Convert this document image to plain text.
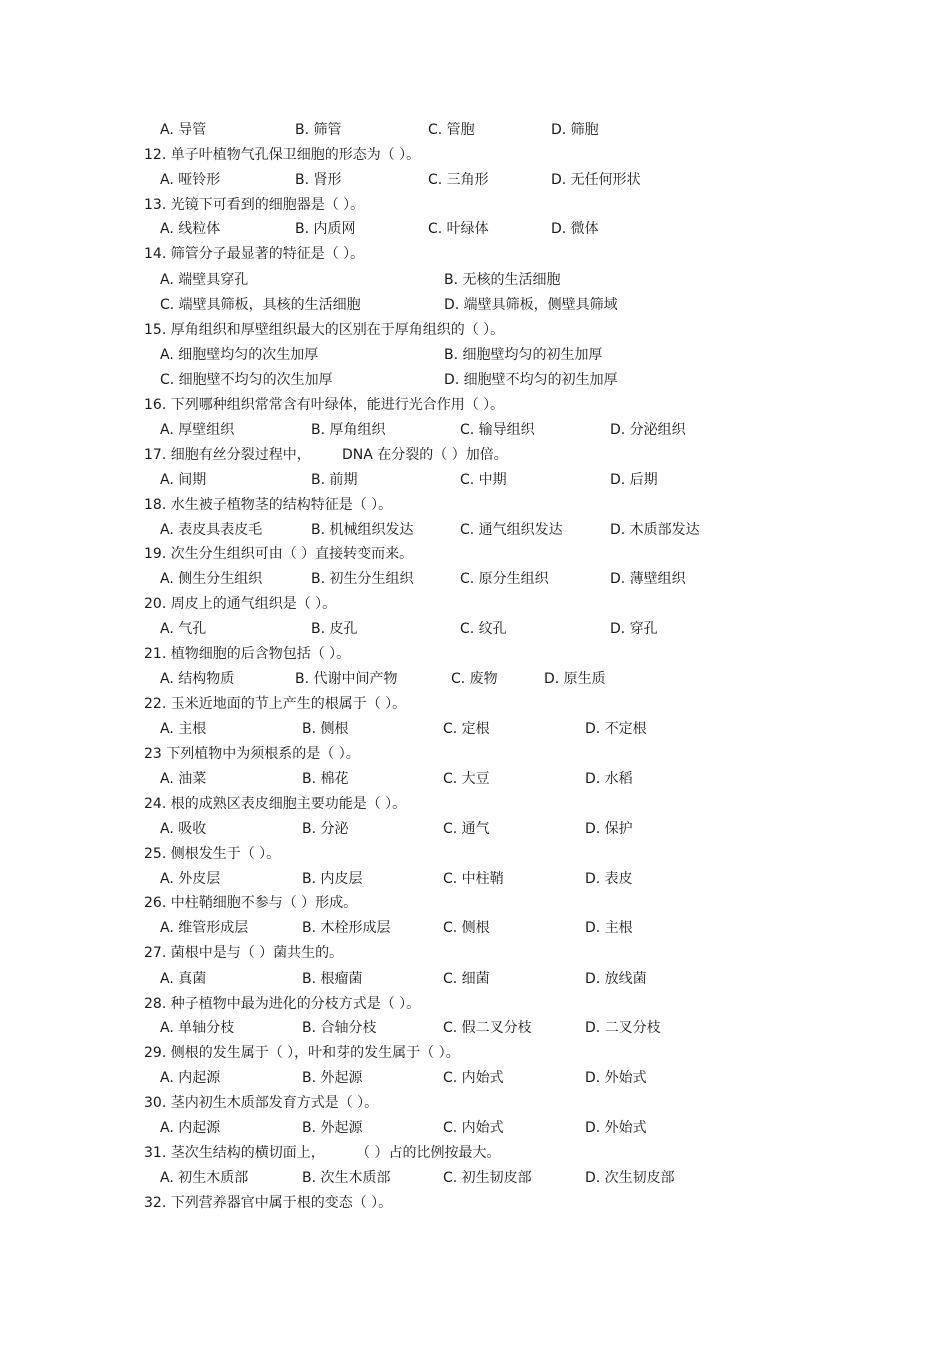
A. 导管	B. 筛管	C. 管胞	D. 筛胞
12. 单子叶植物气孔保卫细胞的形态为（ ）。
A. 哑铃形	B. 肾形	C. 三角形	D. 无任何形状
13. 光镜下可看到的细胞器是（ ）。
A. 线粒体	B. 内质网	C. 叶绿体	D. 微体
14. 筛管分子最显著的特征是（ ）。
A. 端壁具穿孔	B. 无核的生活细胞
C. 端壁具筛板，具核的生活细胞	D. 端壁具筛板，侧壁具筛域
15. 厚角组织和厚壁组织最大的区别在于厚角组织的（ ）。
A. 细胞壁均匀的次生加厚	B. 细胞壁均匀的初生加厚
C. 细胞壁不均匀的次生加厚	D. 细胞壁不均匀的初生加厚
16. 下列哪种组织常常含有叶绿体，能进行光合作用（ ）。
A. 厚壁组织	B. 厚角组织	C. 输导组织	D. 分泌组织
17. 细胞有丝分裂过程中， DNA 在分裂的（ ）加倍。
A. 间期	B. 前期	C. 中期	D. 后期
18. 水生被子植物茎的结构特征是（ ）。
A. 表皮具表皮毛	B. 机械组织发达	C. 通气组织发达	D. 木质部发达
19. 次生分生组织可由（ ）直接转变而来。
A. 侧生分生组织	B. 初生分生组织	C. 原分生组织	D. 薄壁组织
20. 周皮上的通气组织是（ ）。
A. 气孔	B. 皮孔	C. 纹孔	D. 穿孔
21. 植物细胞的后含物包括（ ）。
A. 结构物质	B. 代谢中间产物	C. 废物	D. 原生质
22. 玉米近地面的节上产生的根属于（ ）。
A. 主根	B. 侧根	C. 定根	D. 不定根
23 下列植物中为须根系的是（ ）。
A. 油菜	B. 棉花	C. 大豆	D. 水稻
24. 根的成熟区表皮细胞主要功能是（ ）。
A. 吸收	B. 分泌	C. 通气	D. 保护
25. 侧根发生于（ ）。
A. 外皮层	B. 内皮层	C. 中柱鞘	D. 表皮
26. 中柱鞘细胞不参与（ ）形成。
A. 维管形成层	B. 木栓形成层	C. 侧根	D. 主根
27. 菌根中是与（ ）菌共生的。
A. 真菌	B. 根瘤菌	C. 细菌	D. 放线菌
28. 种子植物中最为进化的分枝方式是（ ）。
A. 单轴分枝	B. 合轴分枝	C. 假二叉分枝	D. 二叉分枝
29. 侧根的发生属于（ ），叶和芽的发生属于（ ）。
A. 内起源	B. 外起源	C. 内始式	D. 外始式
30. 茎内初生木质部发育方式是（ ）。
A. 内起源	B. 外起源	C. 内始式	D. 外始式
31. 茎次生结构的横切面上， （ ）占的比例按最大。
A. 初生木质部	B. 次生木质部	C. 初生韧皮部	D. 次生韧皮部
32. 下列营养器官中属于根的变态（ ）。
